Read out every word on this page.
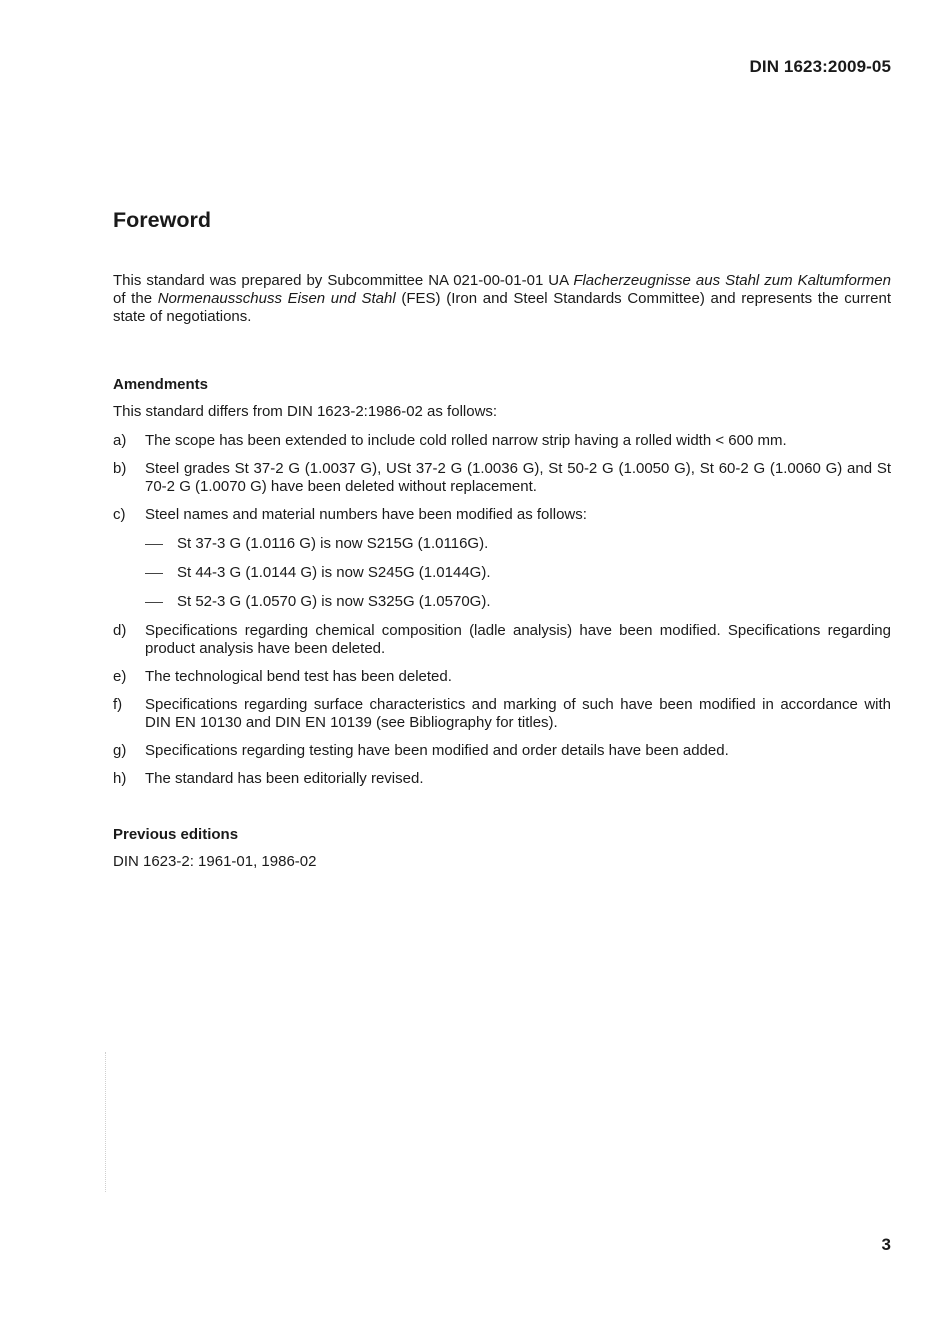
DIN 1623:2009-05
Foreword

This standard was prepared by Subcommittee NA 021-00-01-01 UA Flacherzeugnisse aus Stahl zum Kaltumformen of the Normenausschuss Eisen und Stahl (FES) (Iron and Steel Standards Committee) and represents the current state of negotiations.

Amendments

This standard differs from DIN 1623-2:1986-02 as follows:

a) The scope has been extended to include cold rolled narrow strip having a rolled width < 600 mm.
b) Steel grades St 37-2 G (1.0037 G), USt 37-2 G (1.0036 G), St 50-2 G (1.0050 G), St 60-2 G (1.0060 G) and St 70-2 G (1.0070 G) have been deleted without replacement.
c) Steel names and material numbers have been modified as follows:
St 37-3 G (1.0116 G) is now S215G (1.0116G).
St 44-3 G (1.0144 G) is now S245G (1.0144G).
St 52-3 G (1.0570 G) is now S325G (1.0570G).
d) Specifications regarding chemical composition (ladle analysis) have been modified. Specifications regarding product analysis have been deleted.
e) The technological bend test has been deleted.
f) Specifications regarding surface characteristics and marking of such have been modified in accordance with DIN EN 10130 and DIN EN 10139 (see Bibliography for titles).
g) Specifications regarding testing have been modified and order details have been added.
h) The standard has been editorially revised.
Previous editions

DIN 1623-2: 1961-01, 1986-02

3
